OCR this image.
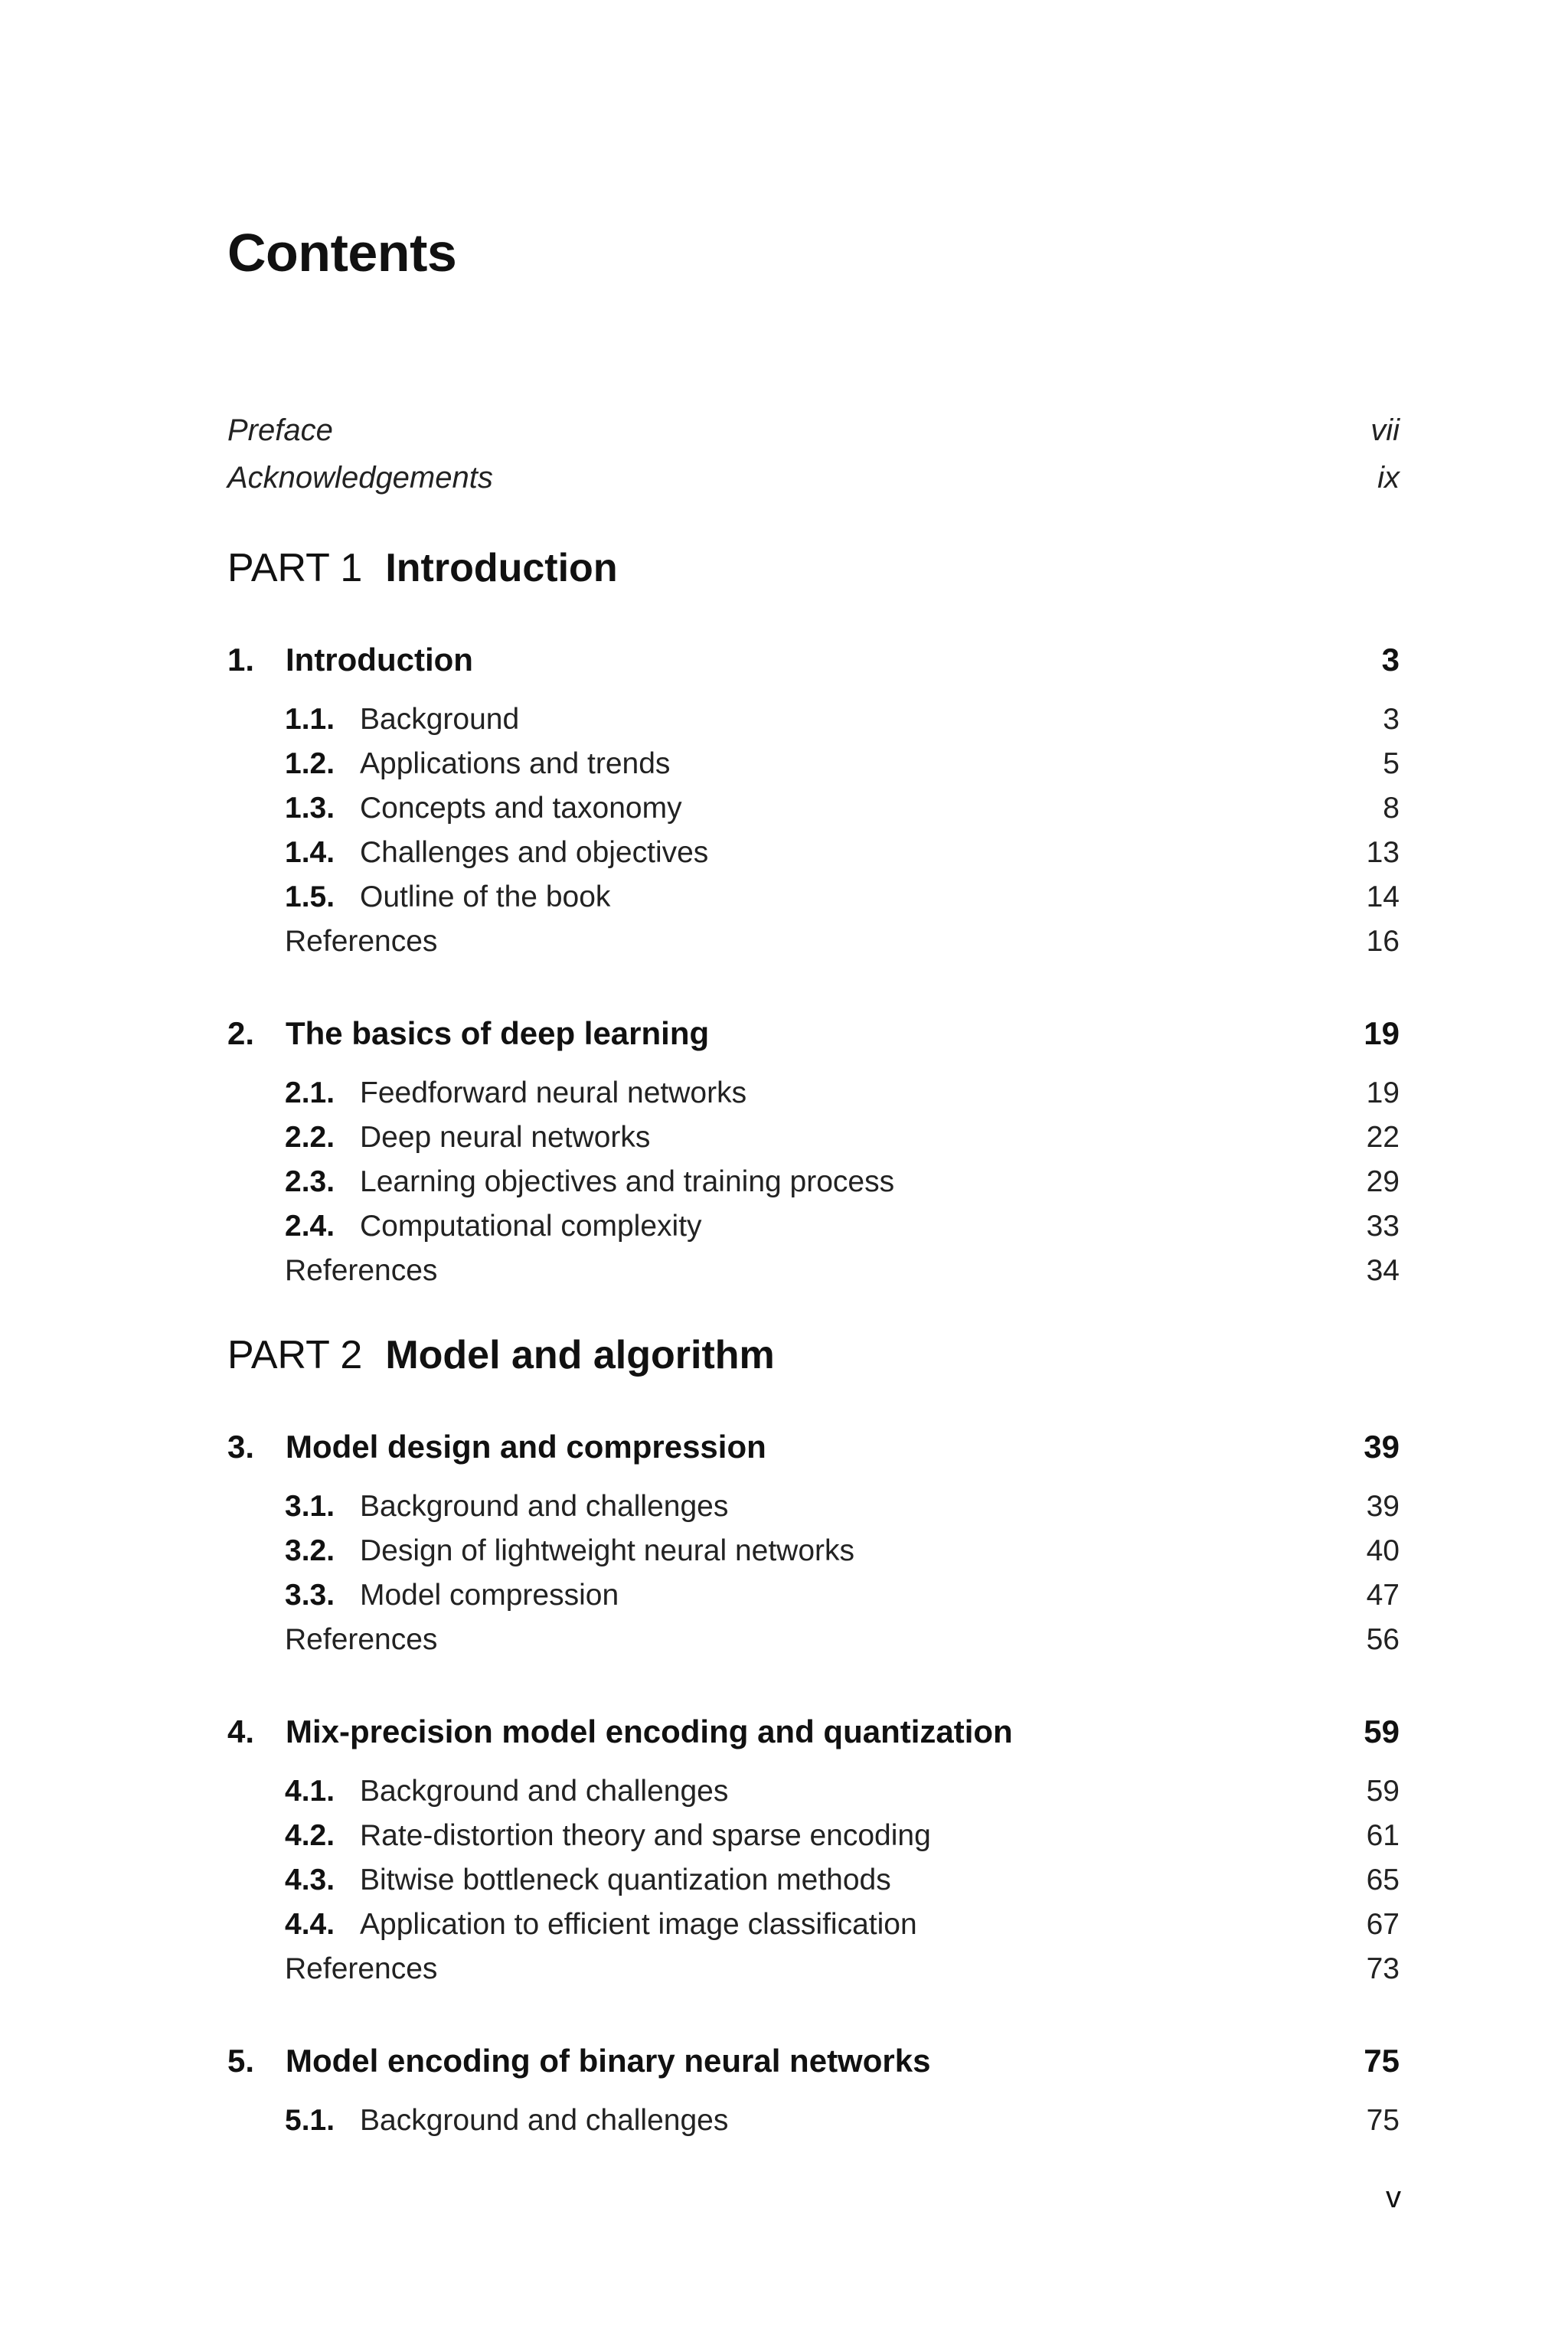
Contents
Preface	vii
Acknowledgements	ix
PART 1 Introduction
1. Introduction	3
1.1. Background	3
1.2. Applications and trends	5
1.3. Concepts and taxonomy	8
1.4. Challenges and objectives	13
1.5. Outline of the book	14
References	16
2. The basics of deep learning	19
2.1. Feedforward neural networks	19
2.2. Deep neural networks	22
2.3. Learning objectives and training process	29
2.4. Computational complexity	33
References	34
PART 2 Model and algorithm
3. Model design and compression	39
3.1. Background and challenges	39
3.2. Design of lightweight neural networks	40
3.3. Model compression	47
References	56
4. Mix-precision model encoding and quantization	59
4.1. Background and challenges	59
4.2. Rate-distortion theory and sparse encoding	61
4.3. Bitwise bottleneck quantization methods	65
4.4. Application to efficient image classification	67
References	73
5. Model encoding of binary neural networks	75
5.1. Background and challenges	75
v
